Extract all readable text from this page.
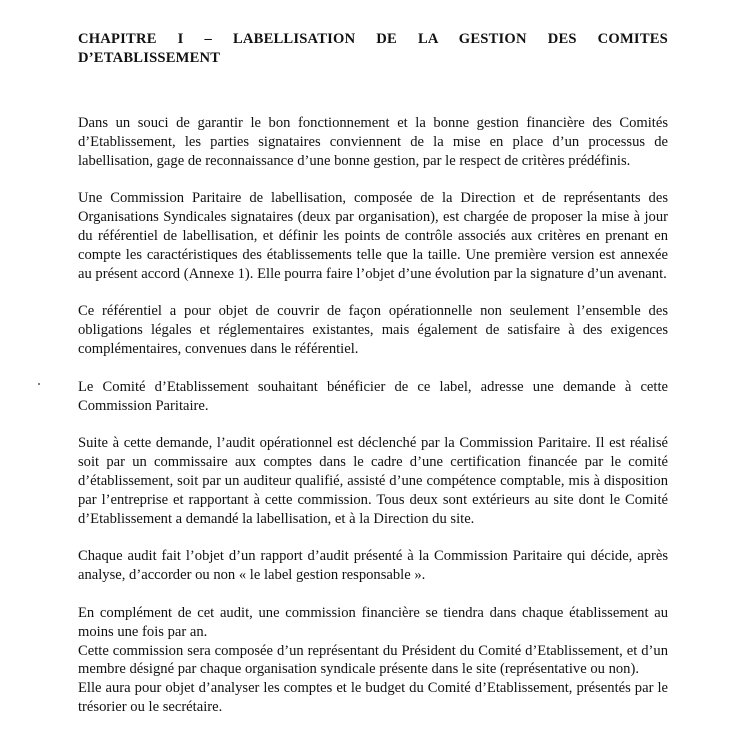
CHAPITRE I – LABELLISATION DE LA GESTION DES COMITES D’ETABLISSEMENT

Dans un souci de garantir le bon fonctionnement et la bonne gestion financière des Comités d’Etablissement, les parties signataires conviennent de la mise en place d’un processus de labellisation, gage de reconnaissance d’une bonne gestion, par le respect de critères prédéfinis.

Une Commission Paritaire de labellisation, composée de la Direction et de représentants des Organisations Syndicales signataires (deux par organisation), est chargée de proposer la mise à jour du référentiel de labellisation, et définir les points de contrôle associés aux critères en prenant en compte les caractéristiques des établissements telle que la taille. Une première version est annexée au présent accord (Annexe 1). Elle pourra faire l’objet d’une évolution par la signature d’un avenant.

Ce référentiel a pour objet de couvrir de façon opérationnelle non seulement l’ensemble des obligations légales et réglementaires existantes, mais également de satisfaire à des exigences complémentaires, convenues dans le référentiel.

Le Comité d’Etablissement souhaitant bénéficier de ce label, adresse une demande à cette Commission Paritaire.

Suite à cette demande, l’audit opérationnel est déclenché par la Commission Paritaire. Il est réalisé soit par un commissaire aux comptes dans le cadre d’une certification financée par le comité d’établissement, soit par un auditeur qualifié, assisté d’une compétence comptable, mis à disposition par l’entreprise et rapportant à cette commission. Tous deux sont extérieurs au site dont le Comité d’Etablissement a demandé la labellisation, et à la Direction du site.

Chaque audit fait l’objet d’un rapport d’audit présenté à la Commission Paritaire qui décide, après analyse, d’accorder ou non « le label gestion responsable ».

En complément de cet audit, une commission financière se tiendra dans chaque établissement au moins une fois par an.

Cette commission sera composée d’un représentant du Président du Comité d’Etablissement, et d’un membre désigné par chaque organisation syndicale présente dans le site (représentative ou non).

Elle aura pour objet d’analyser les comptes et le budget du Comité d’Etablissement, présentés par le trésorier ou le secrétaire.
